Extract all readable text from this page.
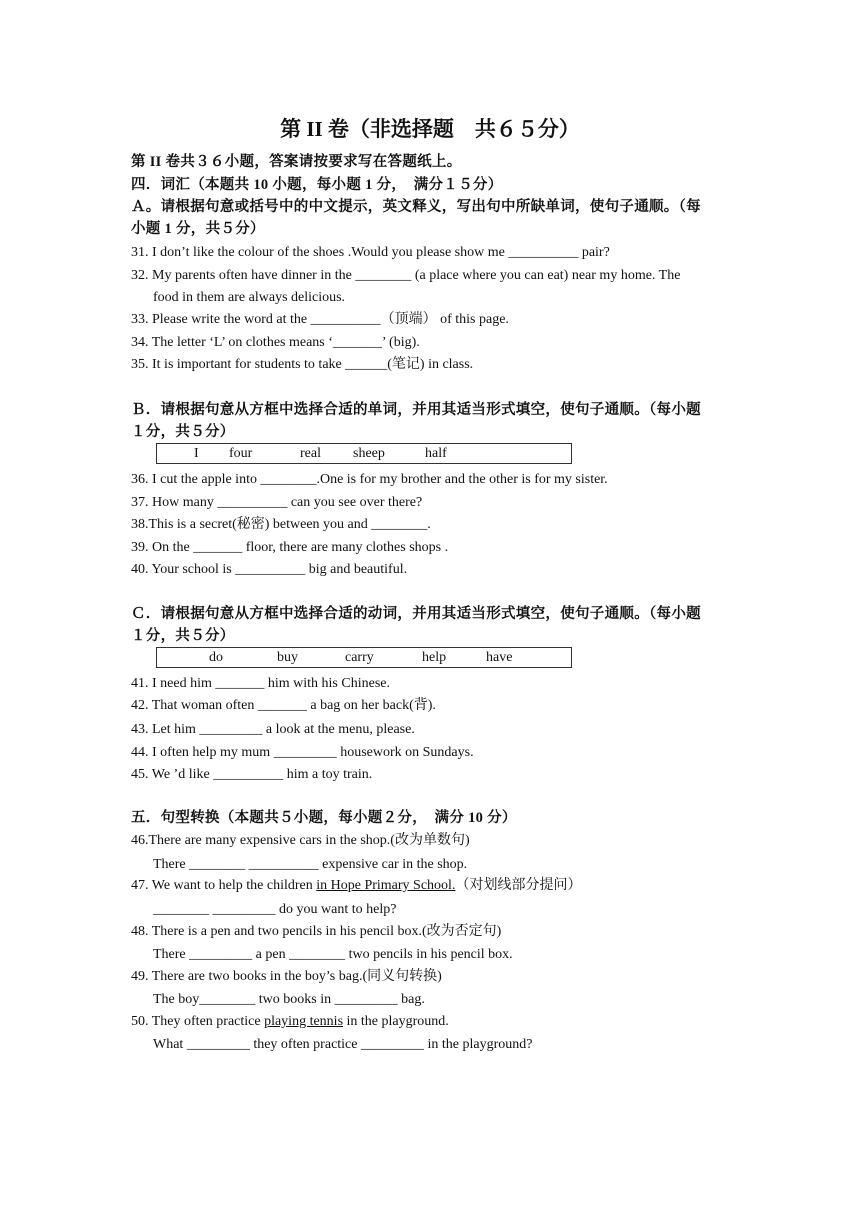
第 II 卷（非选择题　共６５分）
第 II 卷共３６小题，答案请按要求写在答题纸上。
四．词汇（本题共 10 小题，每小题 1 分，　满分１５分）
Ａ。请根据句意或括号中的中文提示，英文释义，写出句中所缺单词，使句子通顺。（每
小题 1 分，共５分）
31. I don’t like the colour of the shoes .Would you please show me __________ pair?
32. My parents often have dinner in the ________ (a place where you can eat) near my home. The
food in them are always delicious.
33. Please write the word at the __________（顶端） of this page.
34. The letter ‘L’ on clothes means ‘_______’ (big).
35. It is important for students to take ______(笔记) in class.
Ｂ．请根据句意从方框中选择合适的单词，并用其适当形式填空，使句子通顺。（每小题
１分，共５分）
I four	real sheep	half
36. I cut the apple into ________.One is for my brother and the other is for my sister.
37. How many __________ can you see over there?
38.This is a secret(秘密) between you and ________.
39. On the _______ floor, there are many clothes shops .
40. Your school is __________ big and beautiful.
Ｃ．请根据句意从方框中选择合适的动词，并用其适当形式填空，使句子通顺。（每小题
１分，共５分）
do	buy	carry	help	have
41. I need him _______ him with his Chinese.
42. That woman often _______ a bag on her back(背).
43. Let him _________ a look at the menu, please.
44. I often help my mum _________ housework on Sundays.
45. We ’d like __________ him a toy train.
五．句型转换（本题共５小题，每小题２分，　满分 10 分）
46.There are many expensive cars in the shop.(改为单数句)
There ________ __________ expensive car in the shop.
47. We want to help the children in Hope Primary School.（对划线部分提问）
________ _________ do you want to help?
48. There is a pen and two pencils in his pencil box.(改为否定句)
There _________ a pen ________ two pencils in his pencil box.
49. There are two books in the boy’s bag.(同义句转换)
The boy________ two books in _________ bag.
50. They often practice playing tennis in the playground.
What _________ they often practice _________ in the playground?
